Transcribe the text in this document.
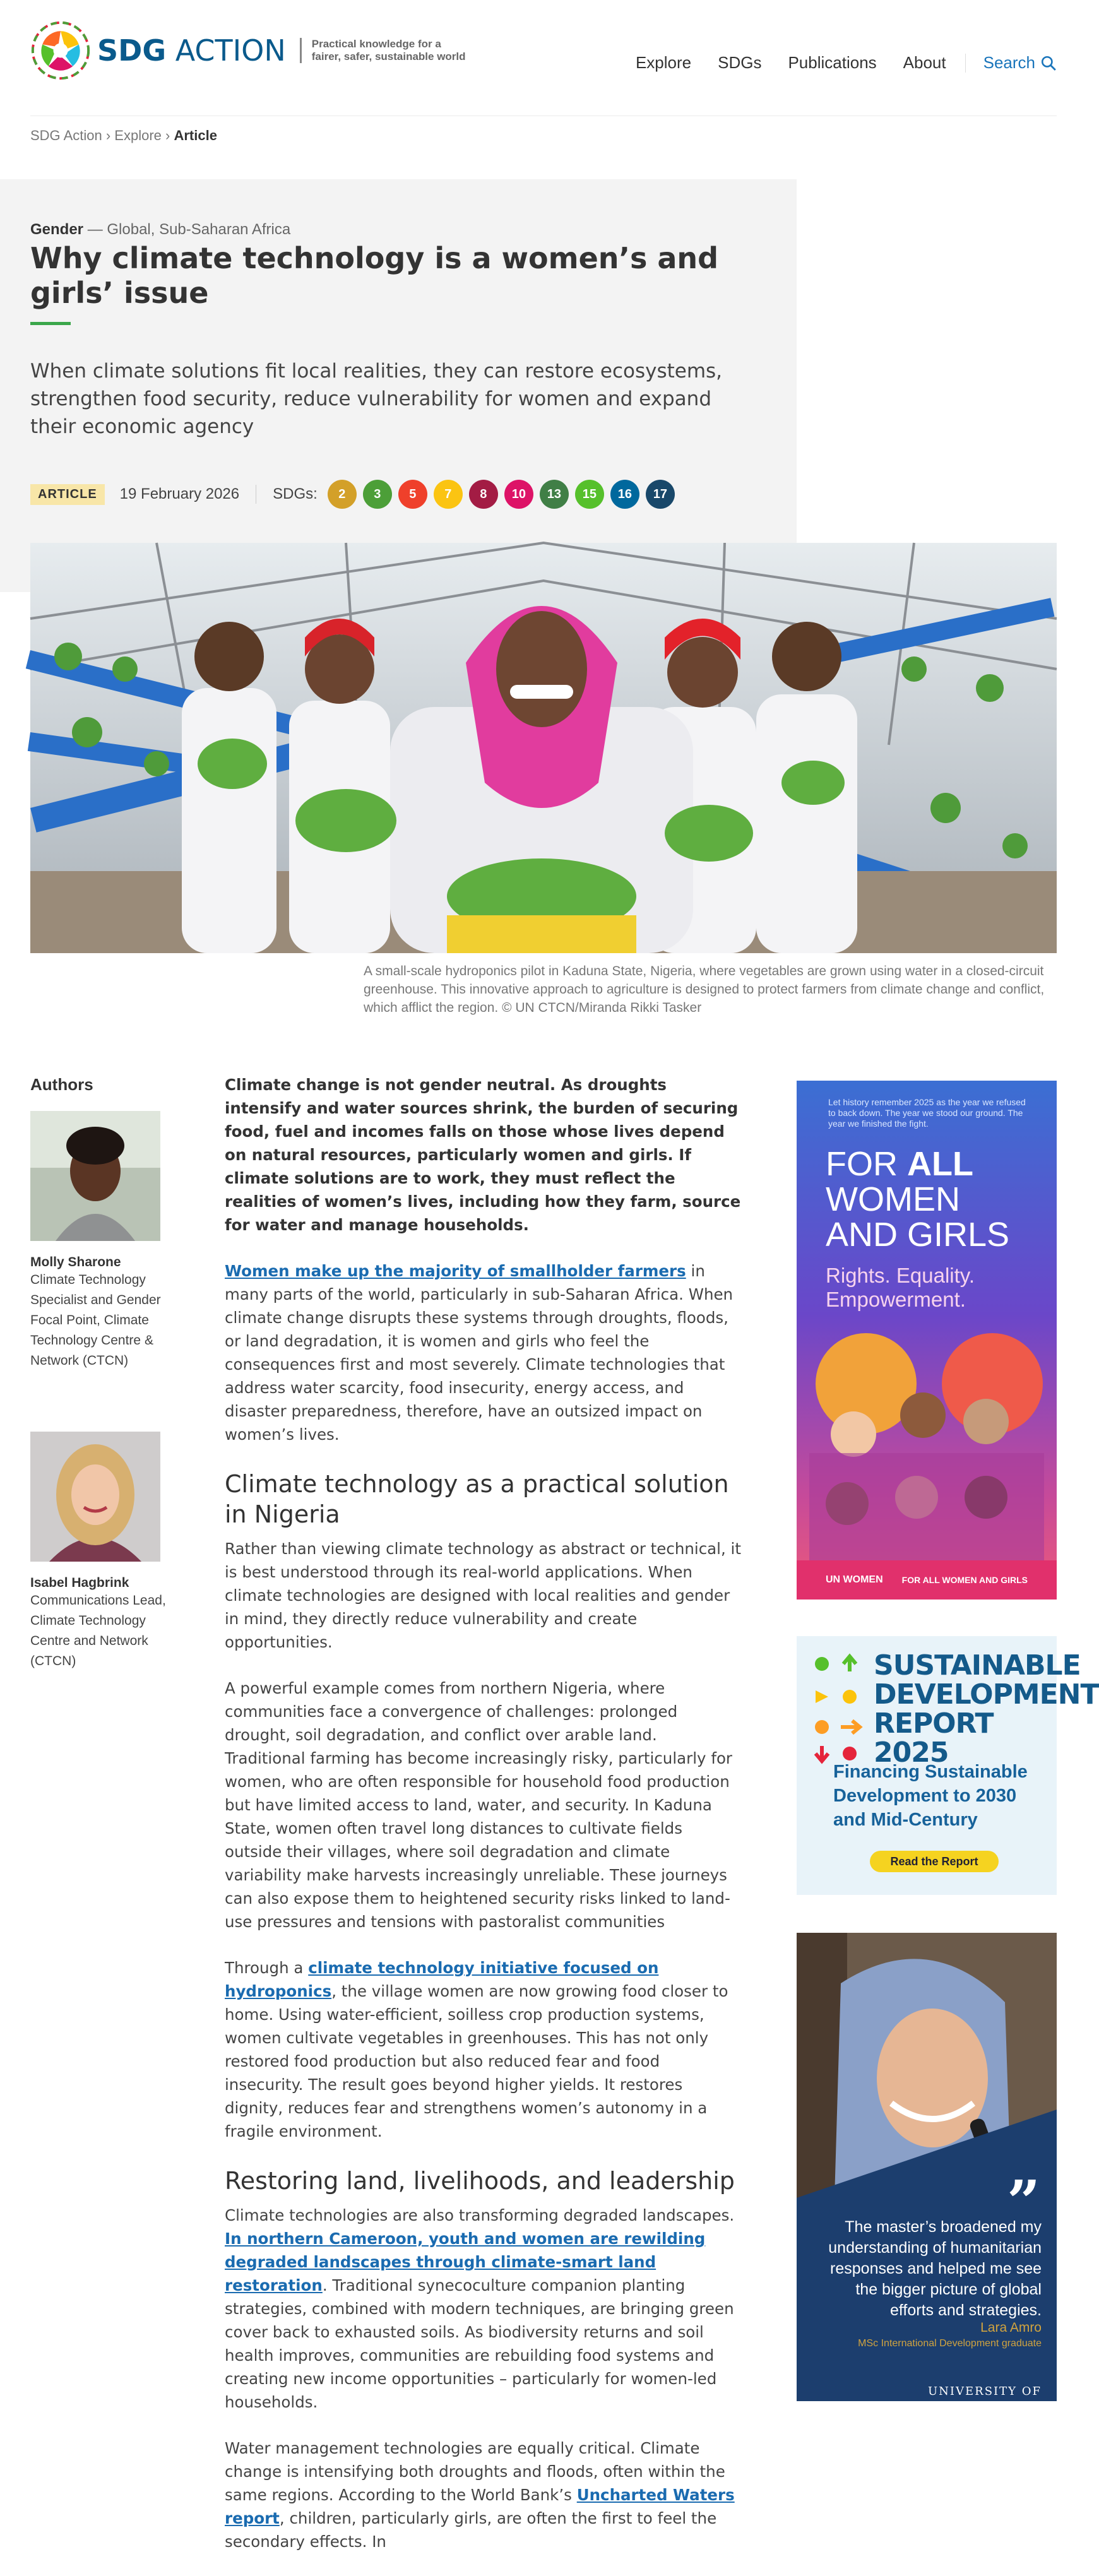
SDG ACTION Practical knowledge for a
fairer, safer, sustainable world	Explore SDGs Publications About Search
SDG Action › Explore › Article
Gender — Global, Sub-Saharan Africa
Why climate technology is a women’s and girls’ issue

When climate solutions fit local realities, they can restore ecosystems, strengthen food security, reduce vulnerability for women and expand their economic agency

ARTICLE	19 February 2026 SDGs:	2	3	5	7	8	10	13	15	16	17

A small-scale hydroponics pilot in Kaduna State, Nigeria, where vegetables are grown using water in a closed-circuit greenhouse. This innovative approach to agriculture is designed to protect farmers from climate change and conflict, which afflict the region. © UN CTCN/Miranda Rikki Tasker

Authors
Molly Sharone
Climate Technology Specialist and Gender Focal Point, Climate Technology Centre & Network (CTCN)
Isabel Hagbrink
Communications Lead, Climate Technology Centre and Network (CTCN)

Climate change is not gender neutral. As droughts intensify and water sources shrink, the burden of securing food, fuel and incomes falls on those whose lives depend on natural resources, particularly women and girls. If climate solutions are to work, they must reflect the realities of women’s lives, including how they farm, source for water and manage households.

Women make up the majority of smallholder farmers in many parts of the world, particularly in sub-Saharan Africa. When climate change disrupts these systems through droughts, floods, or land degradation, it is women and girls who feel the consequences first and most severely. Climate technologies that address water scarcity, food insecurity, energy access, and disaster preparedness, therefore, have an outsized impact on women’s lives.

Climate technology as a practical solution in Nigeria

Rather than viewing climate technology as abstract or technical, it is best understood through its real-world applications. When climate technologies are designed with local realities and gender in mind, they directly reduce vulnerability and create opportunities.

A powerful example comes from northern Nigeria, where communities face a convergence of challenges: prolonged drought, soil degradation, and conflict over arable land. Traditional farming has become increasingly risky, particularly for women, who are often responsible for household food production but have limited access to land, water, and security. In Kaduna State, women often travel long distances to cultivate fields outside their villages, where soil degradation and climate variability make harvests increasingly unreliable. These journeys can also expose them to heightened security risks linked to land-use pressures and tensions with pastoralist communities

Through a climate technology initiative focused on hydroponics, the village women are now growing food closer to home. Using water-efficient, soilless crop production systems, women cultivate vegetables in greenhouses. This has not only restored food production but also reduced fear and food insecurity. The result goes beyond higher yields. It restores dignity, reduces fear and strengthens women’s autonomy in a fragile environment.

Restoring land, livelihoods, and leadership

Climate technologies are also transforming degraded landscapes. In northern Cameroon, youth and women are rewilding degraded landscapes through climate-smart land restoration. Traditional synecoculture companion planting strategies, combined with modern techniques, are bringing green cover back to exhausted soils. As biodiversity returns and soil health improves, communities are rebuilding food systems and creating new income opportunities – particularly for women-led households.

Water management technologies are equally critical. Climate change is intensifying both droughts and floods, often within the same regions. According to the World Bank’s Uncharted Waters report, children, particularly girls, are often the first to feel the secondary effects. In

Let history remember 2025 as the year we refused to back down. The year we stood our ground. The year we finished the fight.
FOR ALL
WOMEN
AND GIRLS
Rights. Equality.
Empowerment.
UN WOMEN FOR ALL WOMEN AND GIRLS
SUSTAINABLE DEVELOPMENT REPORT 2025
Financing Sustainable Development to 2030 and Mid-Century
Read the Report
”
The master’s broadened my understanding of humanitarian responses and helped me see the bigger picture of global efforts and strategies.
Lara Amro
MSc International Development graduate
UNIVERSITY OF
